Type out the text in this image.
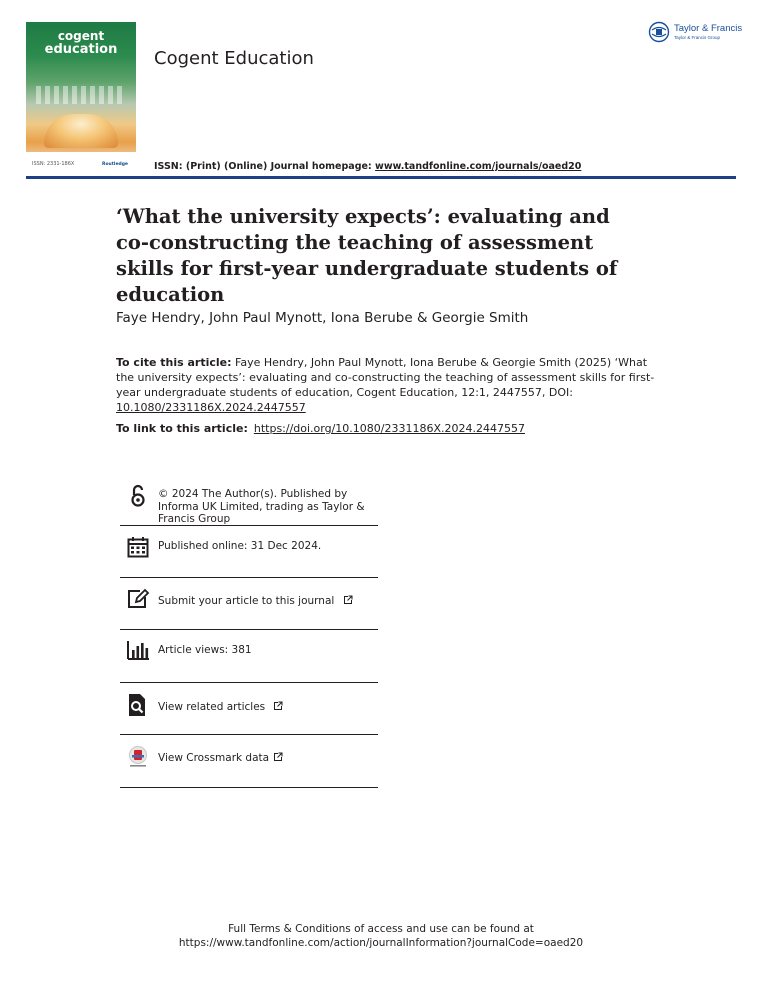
cogent
education
ISSN: 2331-186X	Routledge
Cogent Education
ISSN: (Print) (Online) Journal homepage: www.tandfonline.com/journals/oaed20
Taylor & Francis
Taylor & Francis Group
‘What the university expects’: evaluating and co-constructing the teaching of assessment skills for first-year undergraduate students of education
Faye Hendry, John Paul Mynott, Iona Berube & Georgie Smith
To cite this article: Faye Hendry, John Paul Mynott, Iona Berube & Georgie Smith (2025) ‘What the university expects’: evaluating and co-constructing the teaching of assessment skills for first-year undergraduate students of education, Cogent Education, 12:1, 2447557, DOI: 10.1080/2331186X.2024.2447557
To link to this article: https://doi.org/10.1080/2331186X.2024.2447557
© 2024 The Author(s). Published by Informa UK Limited, trading as Taylor & Francis Group
Published online: 31 Dec 2024.
Submit your article to this journal
Article views: 381
View related articles
View Crossmark data
Full Terms & Conditions of access and use can be found at
https://www.tandfonline.com/action/journalInformation?journalCode=oaed20
